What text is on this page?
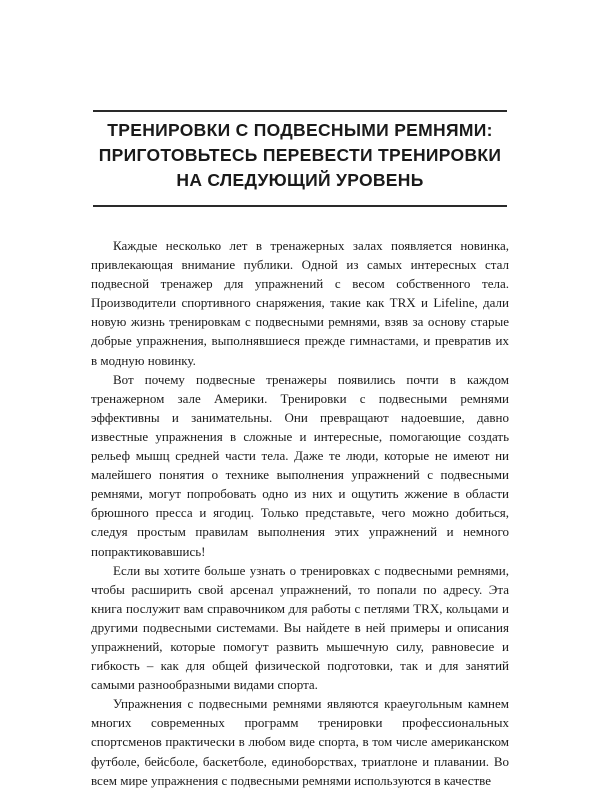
ТРЕНИРОВКИ С ПОДВЕСНЫМИ РЕМНЯМИ:
ПРИГОТОВЬТЕСЬ ПЕРЕВЕСТИ ТРЕНИРОВКИ
НА СЛЕДУЮЩИЙ УРОВЕНЬ

Каждые несколько лет в тренажерных залах появляется новинка, привлекающая внимание публики. Одной из самых интересных стал подвесной тренажер для упражнений с весом собственного тела. Производители спортивного снаряжения, такие как TRX и Lifeline, дали новую жизнь тренировкам с подвесными ремнями, взяв за основу старые добрые упражнения, выполнявшиеся прежде гимнастами, и превратив их в модную новинку.

Вот почему подвесные тренажеры появились почти в каждом тренажерном зале Америки. Тренировки с подвесными ремнями эффективны и занимательны. Они превращают надоевшие, давно известные упражнения в сложные и интересные, помогающие создать рельеф мышц средней части тела. Даже те люди, которые не имеют ни малейшего понятия о технике выполнения упражнений с подвесными ремнями, могут попробовать одно из них и ощутить жжение в области брюшного пресса и ягодиц. Только представьте, чего можно добиться, следуя простым правилам выполнения этих упражнений и немного попрактиковавшись!

Если вы хотите больше узнать о тренировках с подвесными ремнями, чтобы расширить свой арсенал упражнений, то попали по адресу. Эта книга послужит вам справочником для работы с петлями TRX, кольцами и другими подвесными системами. Вы найдете в ней примеры и описания упражнений, которые помогут развить мышечную силу, равновесие и гибкость – как для общей физической подготовки, так и для занятий самыми разнообразными видами спорта.

Упражнения с подвесными ремнями являются краеугольным камнем многих современных программ тренировки профессиональных спортсменов практически в любом виде спорта, в том числе американском футболе, бейсболе, баскетболе, единоборствах, триатлоне и плавании. Во всем мире упражнения с подвесными ремнями используются в качестве
